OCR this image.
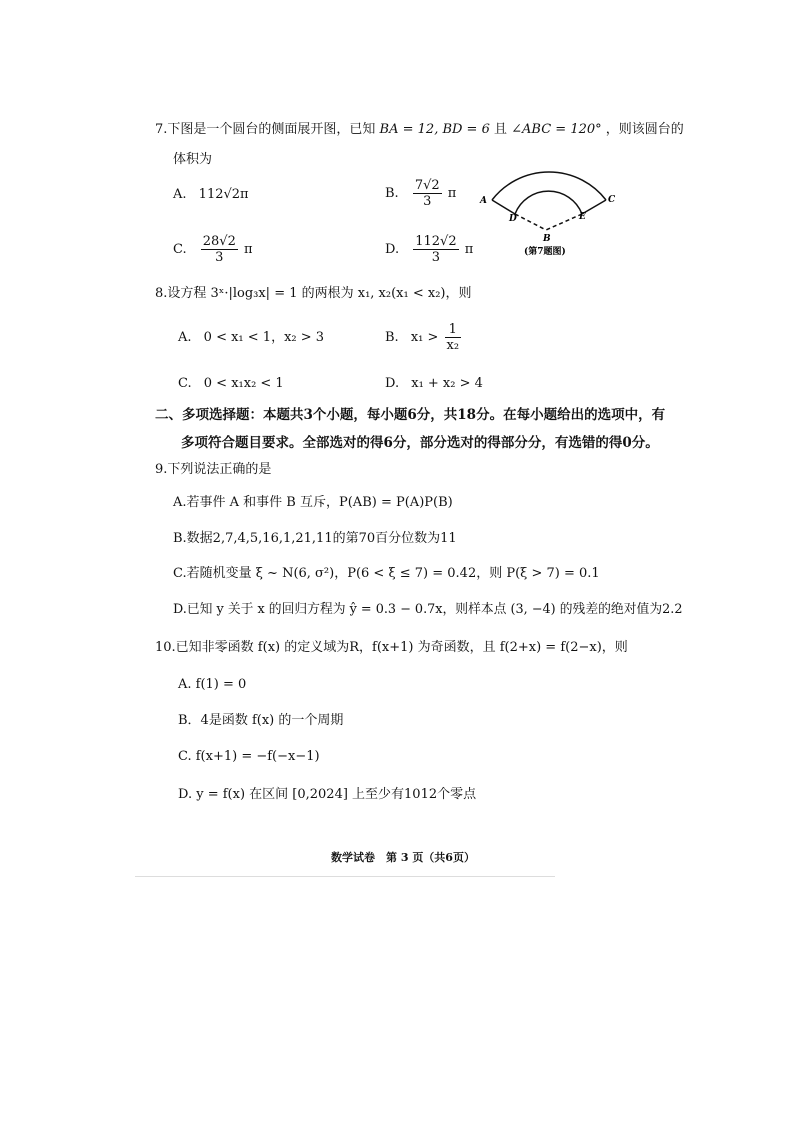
7.下图是一个圆台的侧面展开图，已知 BA = 12, BD = 6 且 ∠ABC = 120° ，则该圆台的
体积为
A. 112√2π	B. $\frac{7√2}{3}$ π
C. $\frac{28√2}{3}$ π	D. $\frac{112√2}{3}$ π
A	C
D	E
B
(第7题图)
8.设方程 3ˣ·|log₃x| = 1 的两根为 x₁, x₂(x₁ < x₂)，则
A. 0 < x₁ < 1，x₂ > 3	B. $x_1 > \frac{1}{\text{x₂}}$
C. 0 < x₁x₂ < 1	D. x₁ + x₂ > 4
二、多项选择题：本题共3个小题，每小题6分，共18分。在每小题给出的选项中，有
多项符合题目要求。全部选对的得6分，部分选对的得部分分，有选错的得0分。
9.下列说法正确的是
A.若事件 A 和事件 B 互斥，P(AB) = P(A)P(B)
B.数据2,7,4,5,16,1,21,11的第70百分位数为11
C.若随机变量 ξ ~ N(6, σ²)，P(6 < ξ ≤ 7) = 0.42，则 P(ξ > 7) = 0.1
D.已知 y 关于 x 的回归方程为 ŷ = 0.3 − 0.7x，则样本点 (3, −4) 的残差的绝对值为2.2
10.已知非零函数 f(x) 的定义域为R，f(x+1) 为奇函数，且 f(2+x) = f(2−x)，则
A. f(1) = 0
B．4是函数 f(x) 的一个周期
C. f(x+1) = −f(−x−1)
D. y = f(x) 在区间 [0,2024] 上至少有1012个零点
数学试卷　第 3 页（共6页）
